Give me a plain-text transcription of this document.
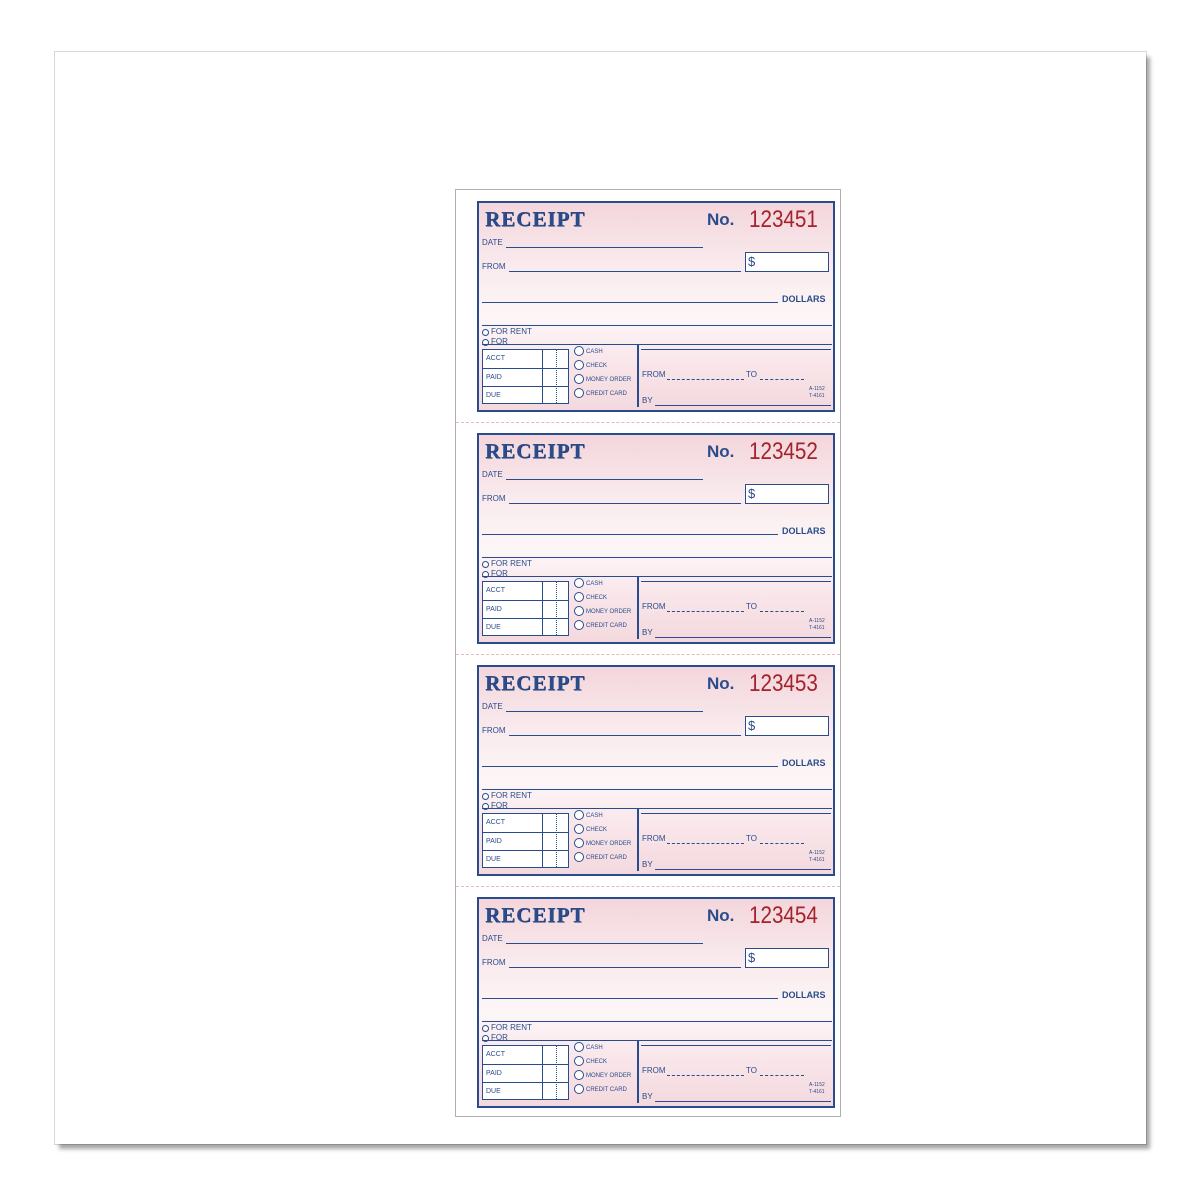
RECEIPT	No. 123451
DATE
FROM	$
DOLLARS
FOR RENT
FOR
ACCT
PAID
DUE
CASH
CHECK
MONEY ORDER
CREDIT CARD
FROM	TO
BY
A-1152
T-4161
RECEIPT	No. 123452
DATE
FROM	$
DOLLARS
FOR RENT
FOR
ACCT
PAID
DUE
CASH
CHECK
MONEY ORDER
CREDIT CARD
FROM	TO
BY
A-1152
T-4161
RECEIPT	No. 123453
DATE
FROM	$
DOLLARS
FOR RENT
FOR
ACCT
PAID
DUE
CASH
CHECK
MONEY ORDER
CREDIT CARD
FROM	TO
BY
A-1152
T-4161
RECEIPT	No. 123454
DATE
FROM	$
DOLLARS
FOR RENT
FOR
ACCT
PAID
DUE
CASH
CHECK
MONEY ORDER
CREDIT CARD
FROM	TO
BY
A-1152
T-4161
